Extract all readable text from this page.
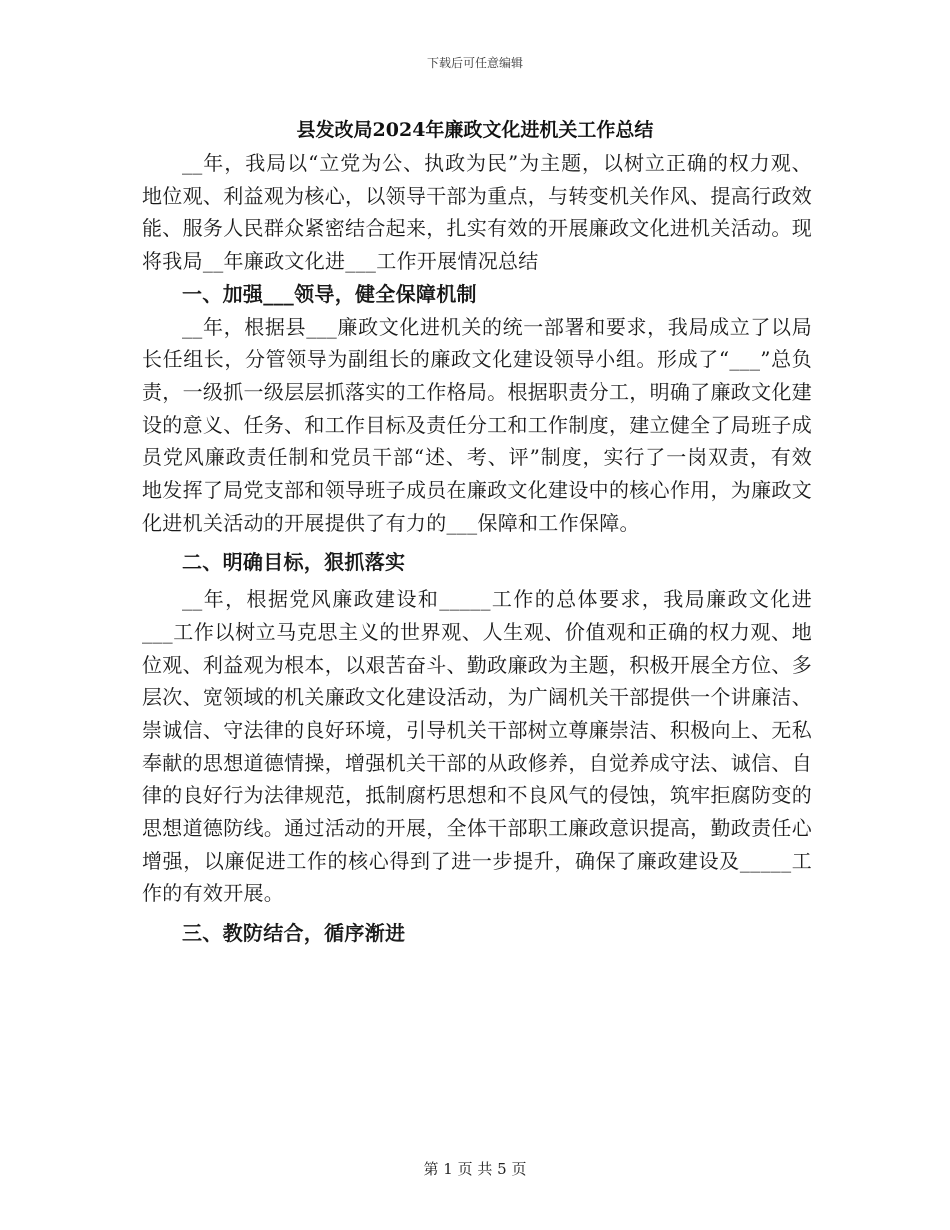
下载后可任意编辑
县发改局2024年廉政文化进机关工作总结

__年，我局以“立党为公、执政为民”为主题，以树立正确的权力观、地位观、利益观为核心，以领导干部为重点，与转变机关作风、提高行政效能、服务人民群众紧密结合起来，扎实有效的开展廉政文化进机关活动。现将我局__年廉政文化进___工作开展情况总结

一、加强___领导，健全保障机制

__年，根据县___廉政文化进机关的统一部署和要求，我局成立了以局长任组长，分管领导为副组长的廉政文化建设领导小组。形成了“___”总负责，一级抓一级层层抓落实的工作格局。根据职责分工，明确了廉政文化建设的意义、任务、和工作目标及责任分工和工作制度，建立健全了局班子成员党风廉政责任制和党员干部“述、考、评”制度，实行了一岗双责，有效地发挥了局党支部和领导班子成员在廉政文化建设中的核心作用，为廉政文化进机关活动的开展提供了有力的___保障和工作保障。

二、明确目标，狠抓落实

__年，根据党风廉政建设和_____工作的总体要求，我局廉政文化进___工作以树立马克思主义的世界观、人生观、价值观和正确的权力观、地位观、利益观为根本，以艰苦奋斗、勤政廉政为主题，积极开展全方位、多层次、宽领域的机关廉政文化建设活动，为广阔机关干部提供一个讲廉洁、崇诚信、守法律的良好环境，引导机关干部树立尊廉崇洁、积极向上、无私奉献的思想道德情操，增强机关干部的从政修养，自觉养成守法、诚信、自律的良好行为法律规范，抵制腐朽思想和不良风气的侵蚀，筑牢拒腐防变的思想道德防线。通过活动的开展，全体干部职工廉政意识提高，勤政责任心增强，以廉促进工作的核心得到了进一步提升，确保了廉政建设及_____工作的有效开展。

三、教防结合，循序渐进
第 1 页 共 5 页
